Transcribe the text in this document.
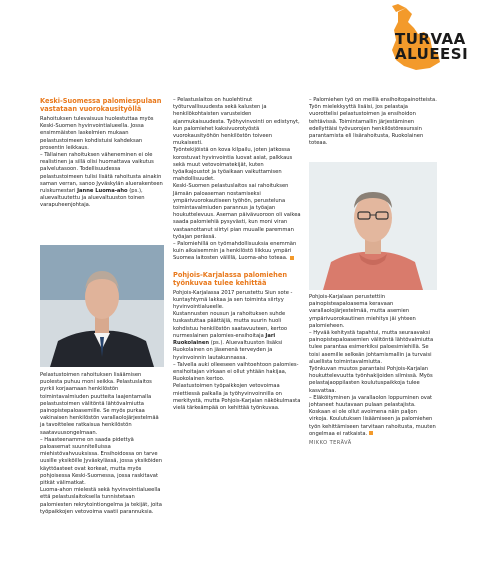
TURVAA
ALUEESI
Keski-Suomessa palomiespulaan vastataan vuorokausityöllä

Rahoituksen tulevaisuus huolestuttaa myös Keski-Suomen hyvinvointialueella. Jossa ensimmäisten laskelmien mukaan pelastustoimeen kohdistuisi kahdeksan prosentin leikkaus.

– Tällainen rahoituksen väheneminen ei ole realistinen ja sillä olisi huomattava vaikutus palvelutasoon. Todellisuudessa pelastustoimeen tulisi lisätä rahoitusta ainakin saman verran, sanoo Jyväskylän aluerakenteen ruiskumestari Janne Luoma-aho (ps.), aluevaltuutettu ja aluevaltuuston toinen varapuheenjohtaja.

Pelastustoimen rahoituksen lisäämisen puolesta puhuu moni seikka. Pelastuslaitos pyrkii korjaamaan henkilöstön toimintavalmiuden puutteita laajentamalla pelastustoimen välitöntä lähtövalmiutta painopistepaloasemille. Se myös purkaa vakinaisen henkilöstön varallaolojärjestelmää ja tavoittelee ratkaisua henkilöstön saatavuusongelmaan.

– Haasteenamme on saada pidettyä paloasemat suunnitelluissa miehistövahvuuksissa. Ensihoidossa on tarve uusille yksiköille Jyväskylässä, jossa yksiköiden käyttöasteet ovat korkeat, mutta myös pohjoisessa Keski-Suomessa, jossa raskitavat pitkät välimatkat.

Luoma-ahon mielestä sekä hyvinvointialueella että pelastuslaitoksella tunnistetaan palomiesten rekrytointiongelma ja tekijät, joita työpaikkojen vetovoima vaatii parannuksia.

– Pelastuslaitos on huolehtinut työturvallisuudesta sekä kalusten ja henkilökohtaisten varusteiden ajanmukaisuudesta. Työhyvinvointi on edistynyt, kun palomiehet kaksivuorotyöstä vuorokausityöhön henkilöstön toiveen mukaisesti.

Työntekijöistä on kova kilpailu, joten jatkossa korostuvat hyvinvointia luovat asiat, palkkaus sekä muut vetovoimatekijät, kuten työaikajoustot ja työaikaan vaikuttamisen mahdollisuudet.

Keski-Suomen pelastuslaitos sai rahoituksen Jämsän paloaseman nostamiseksi ympärivuorokautiseen työhön, perusteluna toimintavalmiuden parannus ja työajan houkuttelevuus. Aseman päivävuoroon oli vaikea saada palomiehiä pysyvästi, kun moni viran vastaanottanut siirtyi pian muualle paremman työajan perässä.

– Palomiehillä on työmahdollisuuksia enemmän kuin aikaisemmin ja henkilöstö liikkuu ympäri Suomea laitosten välillä, Luoma-aho toteaa.

Pohjois-Karjalassa palomiehen työnkuvaa tulee kehittää

Pohjois-Karjalassa 2017 perustettu Siun sote -kuntayhtymä lakkaa ja sen toiminta siirtyy hyvinvointialueelle.

Kustannusten nousun ja rahoituksen suhde tuskastuttaa päättäjiä, mutta suurin huoli kohdistuu henkilöstön saatavuuteen, kertoo nurmeslainen palomies-ensihoitaja Jari Ruokolainen (ps.). Aluevaltuuston lisäksi Ruokolainen on jäsenenä terveyden ja hyvinvoinnin lautakunnassa.

– Talvella auki olleeseen vaihtoehtoon palomies-ensihoitajan virkaan ei ollut yhtään hakijaa, Ruokolainen kertoo.

Pelastustoimen työpaikkojen vetovoimaa miettiessä palkalla ja työhyvinvoinnilla on merkitystä, mutta Pohjois-Karjalan näkökulmasta vielä tärkeämpää on kehittää työnkuvaa.

– Palomiehen työ on meillä ensihoitopainotteista. Työn mielekkyyttä lisäisi, jos pelastaja vuorottelisi pelastustoimen ja ensihoidon tehtävissä. Toimintamallin järjestäminen edellyttäisi työvuorojen henkilöstöresurssin parantamista eli lisärahoitusta, Ruokolainen toteaa.

Pohjois-Karjalaan perustettiin painopisteapaloasema keravaan varallaolojärjestelmää, mutta asemien ympärivuorokautinen miehitys jäi yhteen palomieheen.

– Hyvää kehitystä tapahtui, mutta seuraavaksi painopistepaloasemien välitöntä lähtövalmiutta tulee parantaa esimerkiksi paloesimiehillä. Se toisi asemille selkeän johtamismallin ja turvaisi aluellista toimintavalmiutta.

Työnkuvan muutos parantaisi Pohjois-Karjalan houkuttelevuutta työnhakijoiden silmissä. Myös pelastajaoppilasten koulutuspaikkoja tulee kasvattaa.

– Eläköityminen ja varallaolon loppuminen ovat johtaneet huutavaan pulaan pelastajista. Koskaan ei ole ollut avoimena näin paljon virkoja. Koulutuksen lisäämiseen ja palomiehen työn kehittämiseen tarvitaan rahoitusta, muuten ongelmaa ei ratkaista.

MIKKO TERÄVÄ
